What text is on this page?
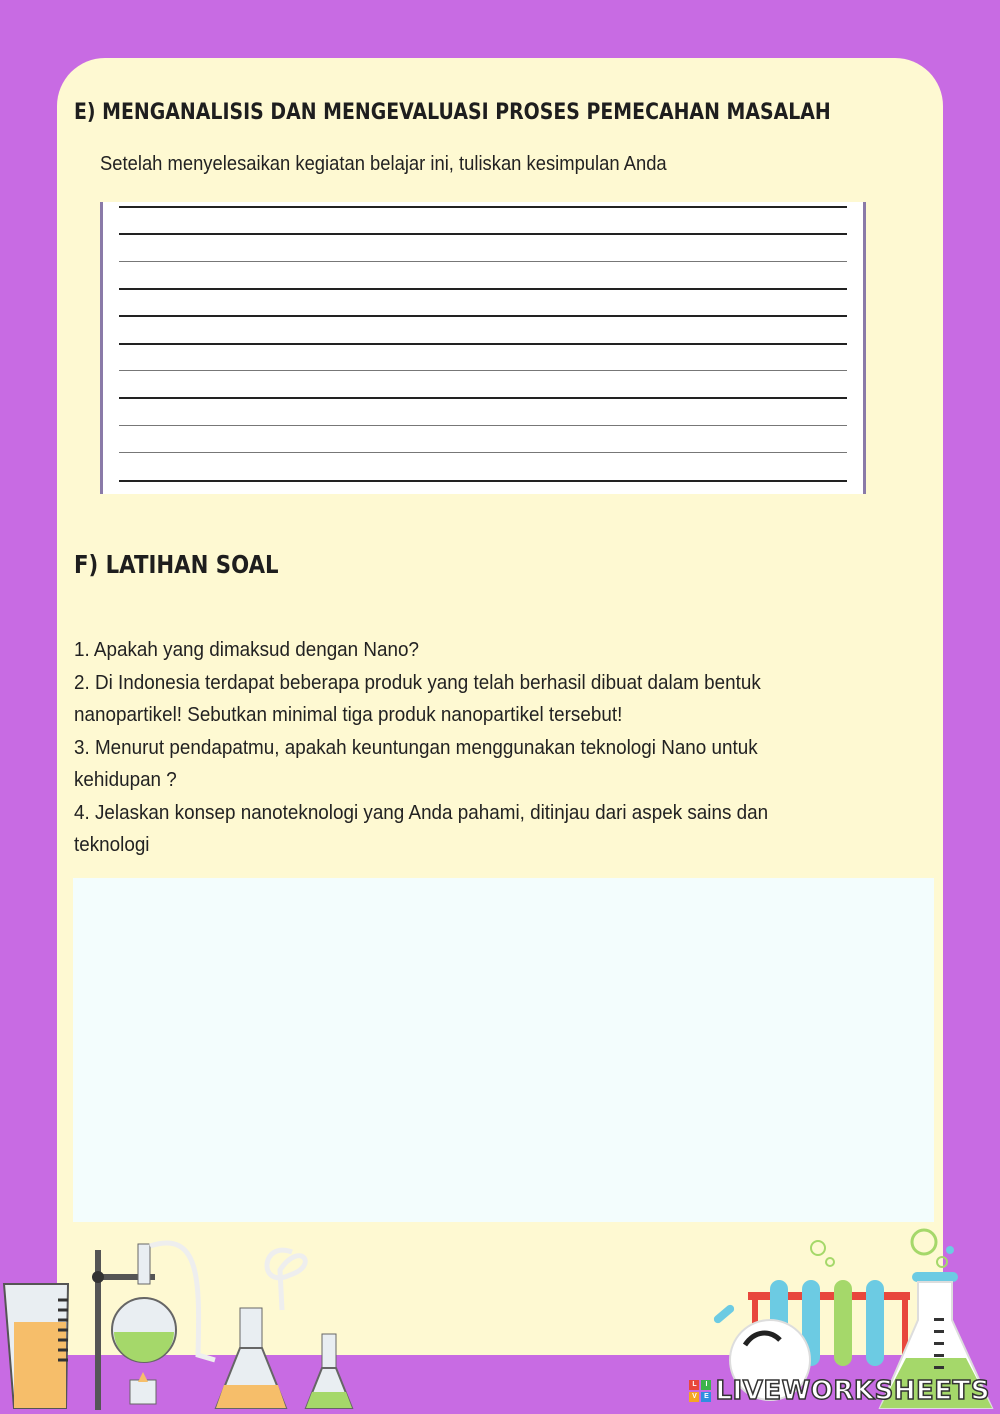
E) MENGANALISIS DAN MENGEVALUASI PROSES PEMECAHAN MASALAH
Setelah menyelesaikan kegiatan belajar ini, tuliskan kesimpulan Anda
F) LATIHAN SOAL
1. Apakah yang dimaksud dengan Nano?
2. Di Indonesia terdapat beberapa produk yang telah berhasil dibuat dalam bentuk
nanopartikel! Sebutkan minimal tiga produk nanopartikel tersebut!
3. Menurut pendapatmu, apakah keuntungan menggunakan teknologi Nano untuk
kehidupan ?
4. Jelaskan konsep nanoteknologi yang Anda pahami, ditinjau dari aspek sains dan
teknologi
L	I
V	E LIVEWORKSHEETS
